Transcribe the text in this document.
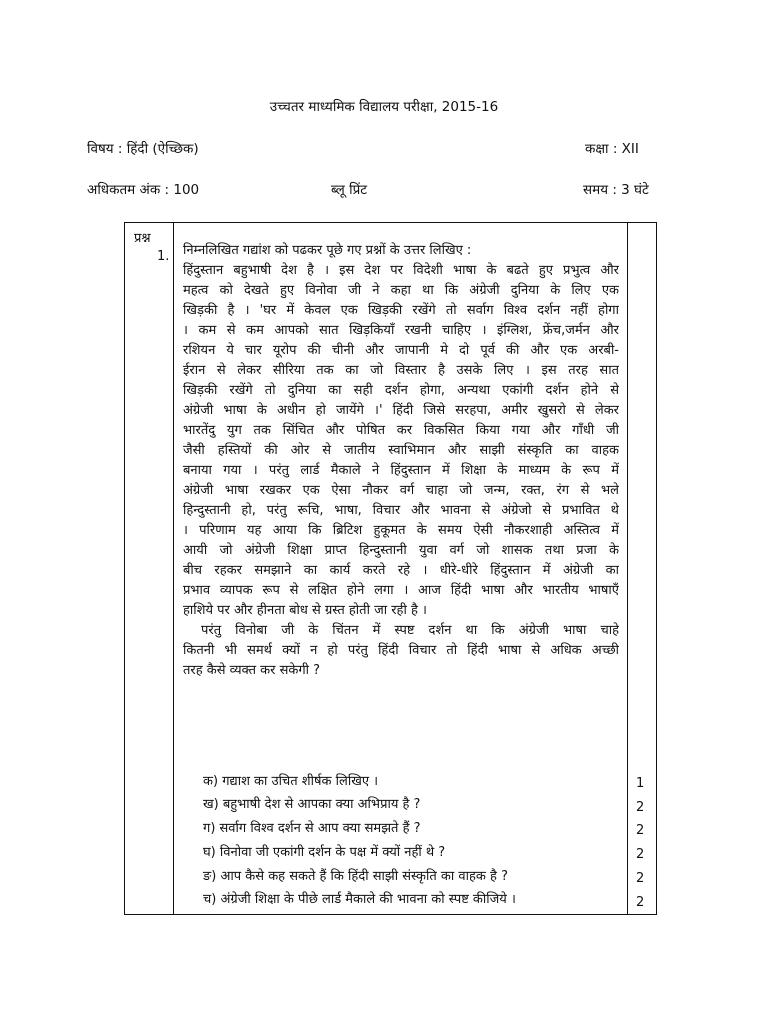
उच्चतर माध्यमिक विद्यालय परीक्षा, 2015-16
विषय : हिंदी (ऐच्छिक)	कक्षा : XII
अधिकतम अंक : 100	ब्लू प्रिंट	समय : 3 घंटे
प्रश्न
1. निम्नलिखित गद्यांश को पढकर पूछे गए प्रश्नों के उत्तर लिखिए :
हिंदुस्तान बहुभाषी देश है । इस देश पर विदेशी भाषा के बढते हुए प्रभुत्व और
महत्व को देखते हुए विनोवा जी ने कहा था कि अंग्रेजी दुनिया के लिए एक
खिड़की है । 'घर में केवल एक खिड़की रखेंगे तो सर्वाग विश्व दर्शन नहीं होगा
। कम से कम आपको सात खिड़कियाँ रखनी चाहिए । इंग्लिश, फ्रेंच,जर्मन और
रशियन ये चार यूरोप की चीनी और जापानी मे दो पूर्व की और एक अरबी-
ईरान से लेकर सीरिया तक का जो विस्तार है उसके लिए । इस तरह सात
खिड़की रखेंगे तो दुनिया का सही दर्शन होगा, अन्यथा एकांगी दर्शन होने से
अंग्रेजी भाषा के अधीन हो जायेंगे ।' हिंदी जिसे सरहपा, अमीर खुसरो से लेकर
भारतेंदु युग तक सिंचित और पोषित कर विकसित किया गया और गाँधी जी
जैसी हस्तियों की ओर से जातीय स्वाभिमान और साझी संस्कृति का वाहक
बनाया गया । परंतु लार्ड मैकाले ने हिंदुस्तान में शिक्षा के माध्यम के रूप में
अंग्रेजी भाषा रखकर एक ऐसा नौकर वर्ग चाहा जो जन्म, रक्त, रंग से भले
हिन्दुस्तानी हो, परंतु रूचि, भाषा, विचार और भावना से अंग्रेजो से प्रभावित थे
। परिणाम यह आया कि ब्रिटिश हुकूमत के समय ऐसी नौकरशाही अस्तित्व में
आयी जो अंग्रेजी शिक्षा प्राप्त हिन्दुस्तानी युवा वर्ग जो शासक तथा प्रजा के
बीच रहकर समझाने का कार्य करते रहे । धीरे-धीरे हिंदुस्तान में अंग्रेजी का
प्रभाव व्यापक रूप से लक्षित होने लगा । आज हिंदी भाषा और भारतीय भाषाएँ
हाशिये पर और हीनता बोध से ग्रस्त होती जा रही है ।
परंतु विनोबा जी के चिंतन में स्पष्ट दर्शन था कि अंग्रेजी भाषा चाहे
कितनी भी समर्थ क्यों न हो परंतु हिंदी विचार तो हिंदी भाषा से अधिक अच्छी
तरह कैसे व्यक्त कर सकेगी ?
क) गद्याश का उचित शीर्षक लिखिए ।	1
ख) बहुभाषी देश से आपका क्या अभिप्राय है ?	2
ग) सर्वाग विश्व दर्शन से आप क्या समझते हैं ?	2
घ) विनोवा जी एकांगी दर्शन के पक्ष में क्यों नहीं थे ?	2
ङ) आप कैसे कह सकते हैं कि हिंदी साझी संस्कृति का वाहक है ?	2
च) अंग्रेजी शिक्षा के पीछे लार्ड मैकाले की भावना को स्पष्ट कीजिये ।	2
